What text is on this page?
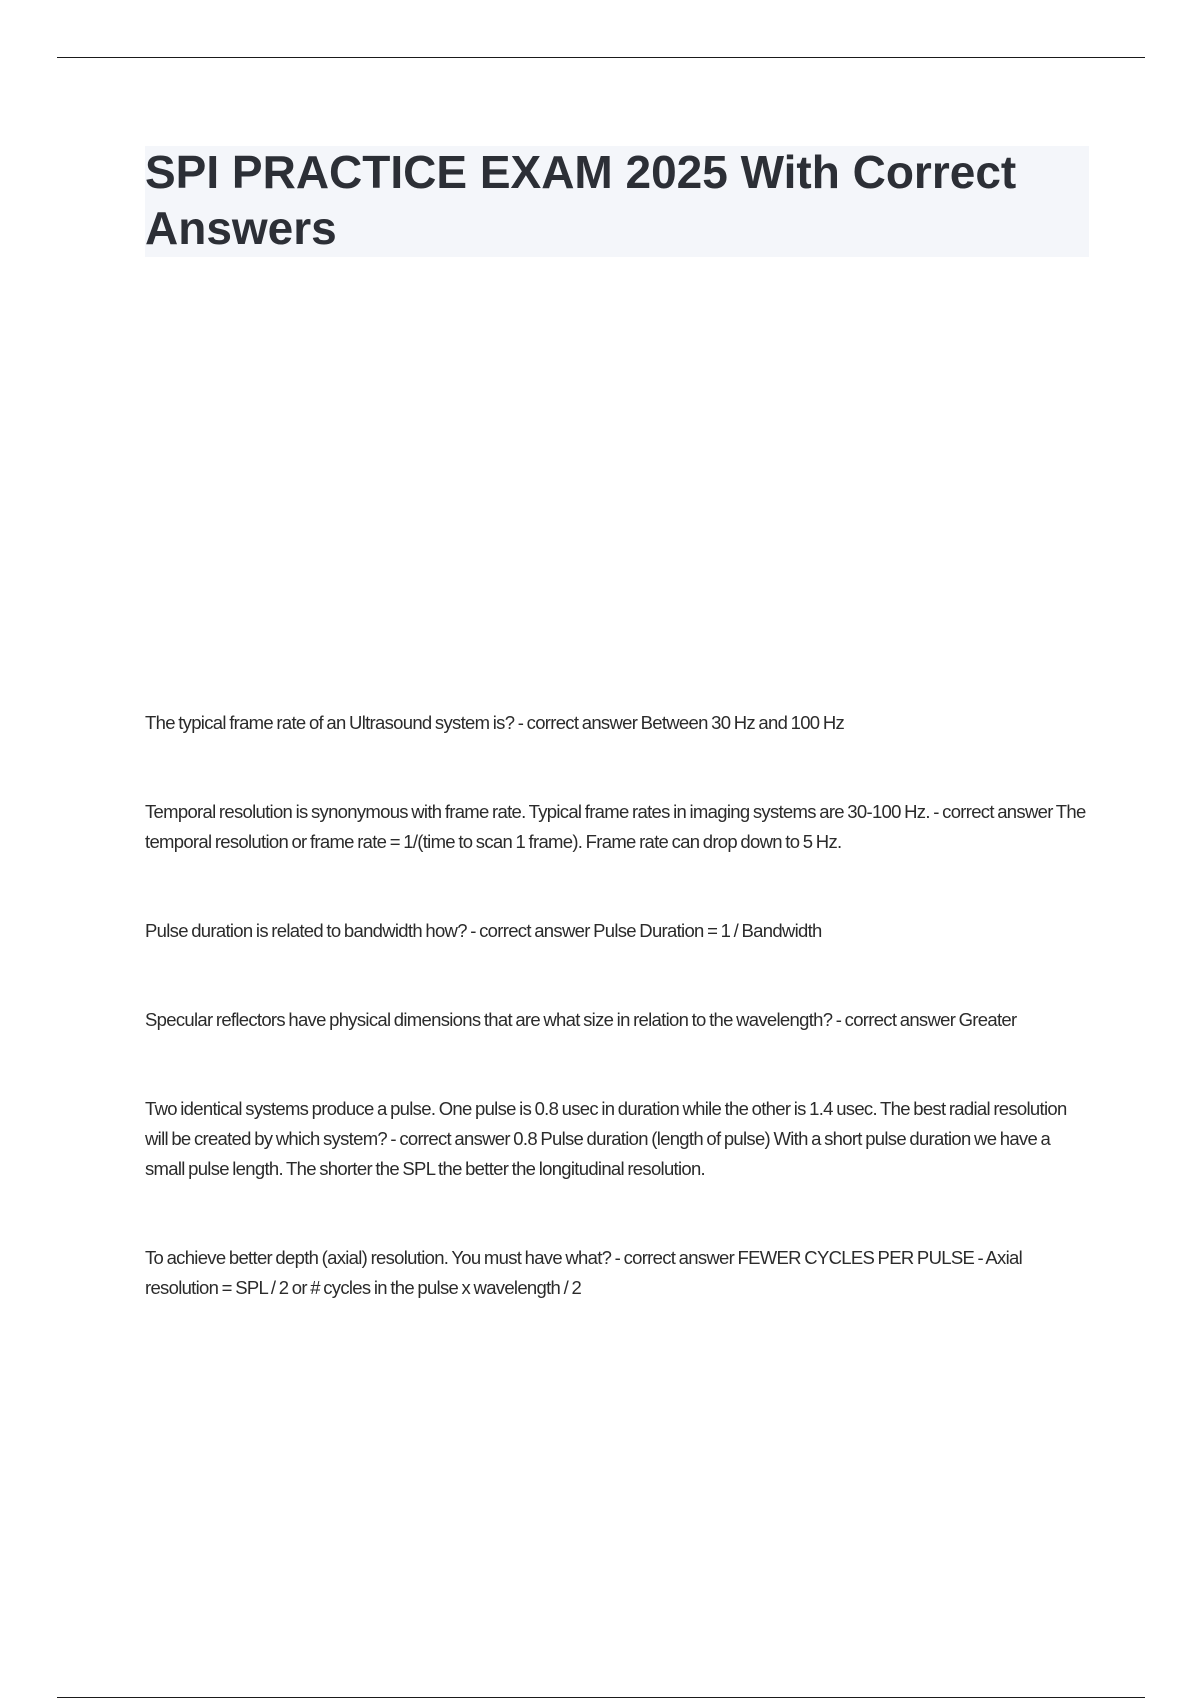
SPI PRACTICE EXAM 2025 With Correct Answers

The typical frame rate of an Ultrasound system is? - correct answer Between 30 Hz and 100 Hz

Temporal resolution is synonymous with frame rate. Typical frame rates in imaging systems are 30-100 Hz. - correct answer The temporal resolution or frame rate = 1/(time to scan 1 frame). Frame rate can drop down to 5 Hz.

Pulse duration is related to bandwidth how? - correct answer Pulse Duration = 1 / Bandwidth

Specular reflectors have physical dimensions that are what size in relation to the wavelength? - correct answer Greater

Two identical systems produce a pulse. One pulse is 0.8 usec in duration while the other is 1.4 usec. The best radial resolution will be created by which system? - correct answer 0.8 Pulse duration (length of pulse) With a short pulse duration we have a small pulse length. The shorter the SPL the better the longitudinal resolution.

To achieve better depth (axial) resolution. You must have what? - correct answer FEWER CYCLES PER PULSE - Axial resolution = SPL / 2 or # cycles in the pulse x wavelength / 2
